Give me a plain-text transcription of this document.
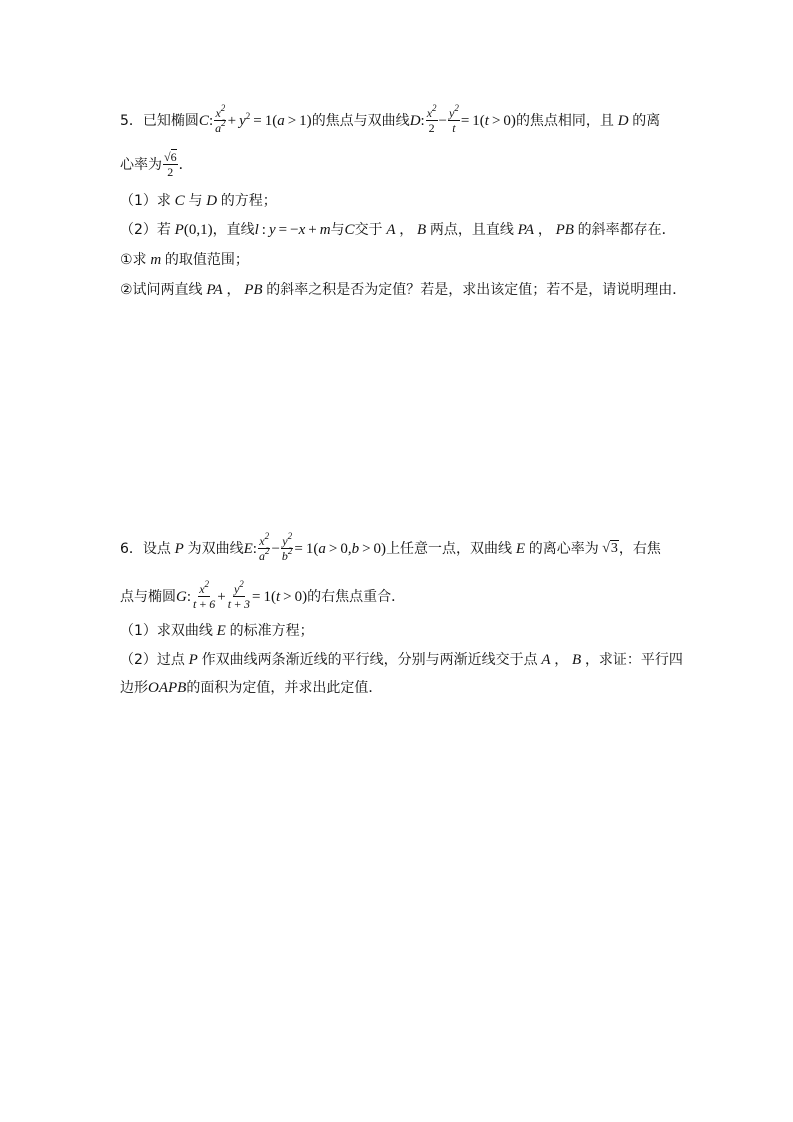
5． 已知椭圆 C : $\frac{x^2}{a^2} + y^2 = 1(a > 1)$ 的焦点与双曲线 D : $\frac{x^2}{2} - \frac{y^2}{t} = 1(t > 0)$ 的焦点相同，且 D 的离
心率为 $\frac{√6}{2}$ ．
（1）求 C 与 D 的方程；
（2）若 P(0,1) ，直线 l : y = −x + m 与 C 交于 A ， B 两点，且直线 PA ， PB 的斜率都存在．
①求 m 的取值范围；
②试问两直线 PA ， PB 的斜率之积是否为定值？若是，求出该定值；若不是，请说明理由．
6． 设点 P 为双曲线 E : $\frac{x^2}{a^2} - \frac{y^2}{b^2} = 1(a > 0,b > 0)$ 上任意一点，双曲线 E 的离心率为 √3 ，右焦
点与椭圆 G : $\frac{x^2}{t + 6} + \frac{y^2}{t + 3} = 1(t > 0)$ 的右焦点重合．
（1）求双曲线 E 的标准方程；
（2）过点 P 作双曲线两条渐近线的平行线，分别与两渐近线交于点 A ， B ，求证：平行四
边形 OAPB 的面积为定值，并求出此定值．
